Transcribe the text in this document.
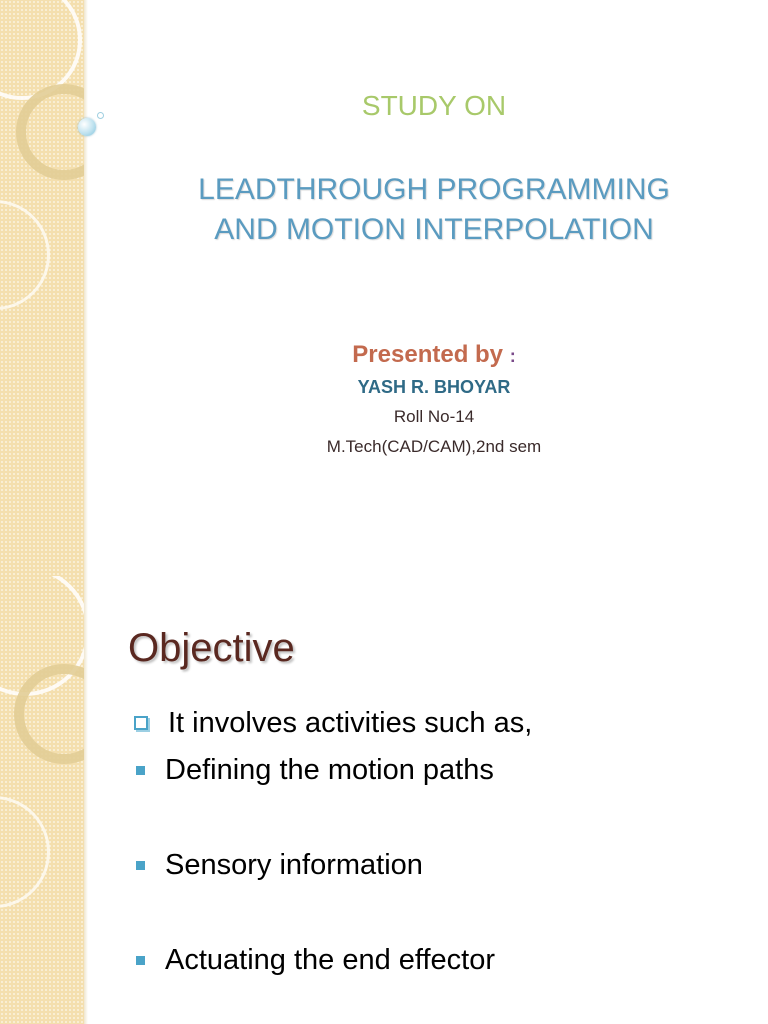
STUDY ON

LEADTHROUGH PROGRAMMING
AND MOTION INTERPOLATION

Presented by :

YASH R. BHOYAR

Roll No-14

M.Tech(CAD/CAM),2nd sem

Objective
It involves activities such as,
Defining the motion paths
Sensory information
Actuating the end effector
